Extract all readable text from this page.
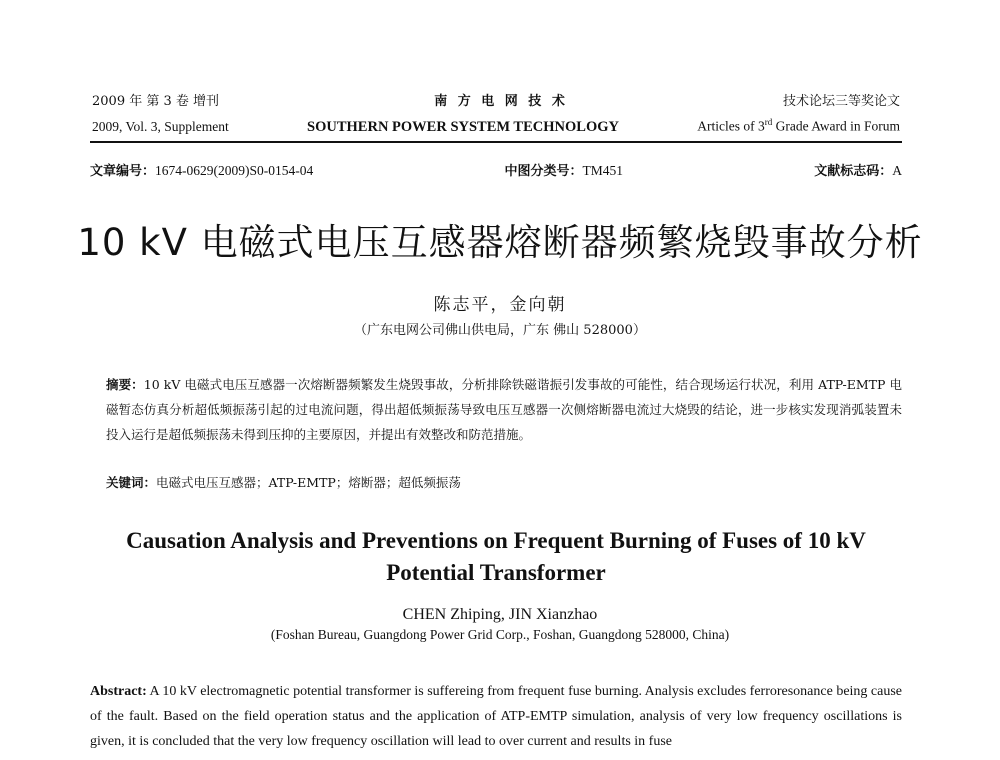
2009 年 第 3 卷 增刊	南 方 电 网 技 术	技术论坛三等奖论文
2009, Vol. 3, Supplement	SOUTHERN POWER SYSTEM TECHNOLOGY	Articles of 3rd Grade Award in Forum
文章编号：1674-0629(2009)S0-0154-04	中图分类号：TM451	文献标志码：A
10 kV 电磁式电压互感器熔断器频繁烧毁事故分析
陈志平，金向朝
（广东电网公司佛山供电局，广东 佛山 528000）
摘要：10 kV 电磁式电压互感器一次熔断器频繁发生烧毁事故，分析排除铁磁谐振引发事故的可能性，结合现场运行状况，利用 ATP-EMTP 电磁暂态仿真分析超低频振荡引起的过电流问题，得出超低频振荡导致电压互感器一次侧熔断器电流过大烧毁的结论，进一步核实发现消弧装置未投入运行是超低频振荡未得到压抑的主要原因，并提出有效整改和防范措施。
关键词：电磁式电压互感器；ATP-EMTP；熔断器；超低频振荡
Causation Analysis and Preventions on Frequent Burning of Fuses of 10 kV Potential Transformer
CHEN Zhiping, JIN Xianzhao
(Foshan Bureau, Guangdong Power Grid Corp., Foshan, Guangdong 528000, China)
Abstract: A 10 kV electromagnetic potential transformer is suffereing from frequent fuse burning. Analysis excludes ferroresonance being cause of the fault. Based on the field operation status and the application of ATP-EMTP simulation, analysis of very low frequency oscillations is given, it is concluded that the very low frequency oscillation will lead to over current and results in fuse
